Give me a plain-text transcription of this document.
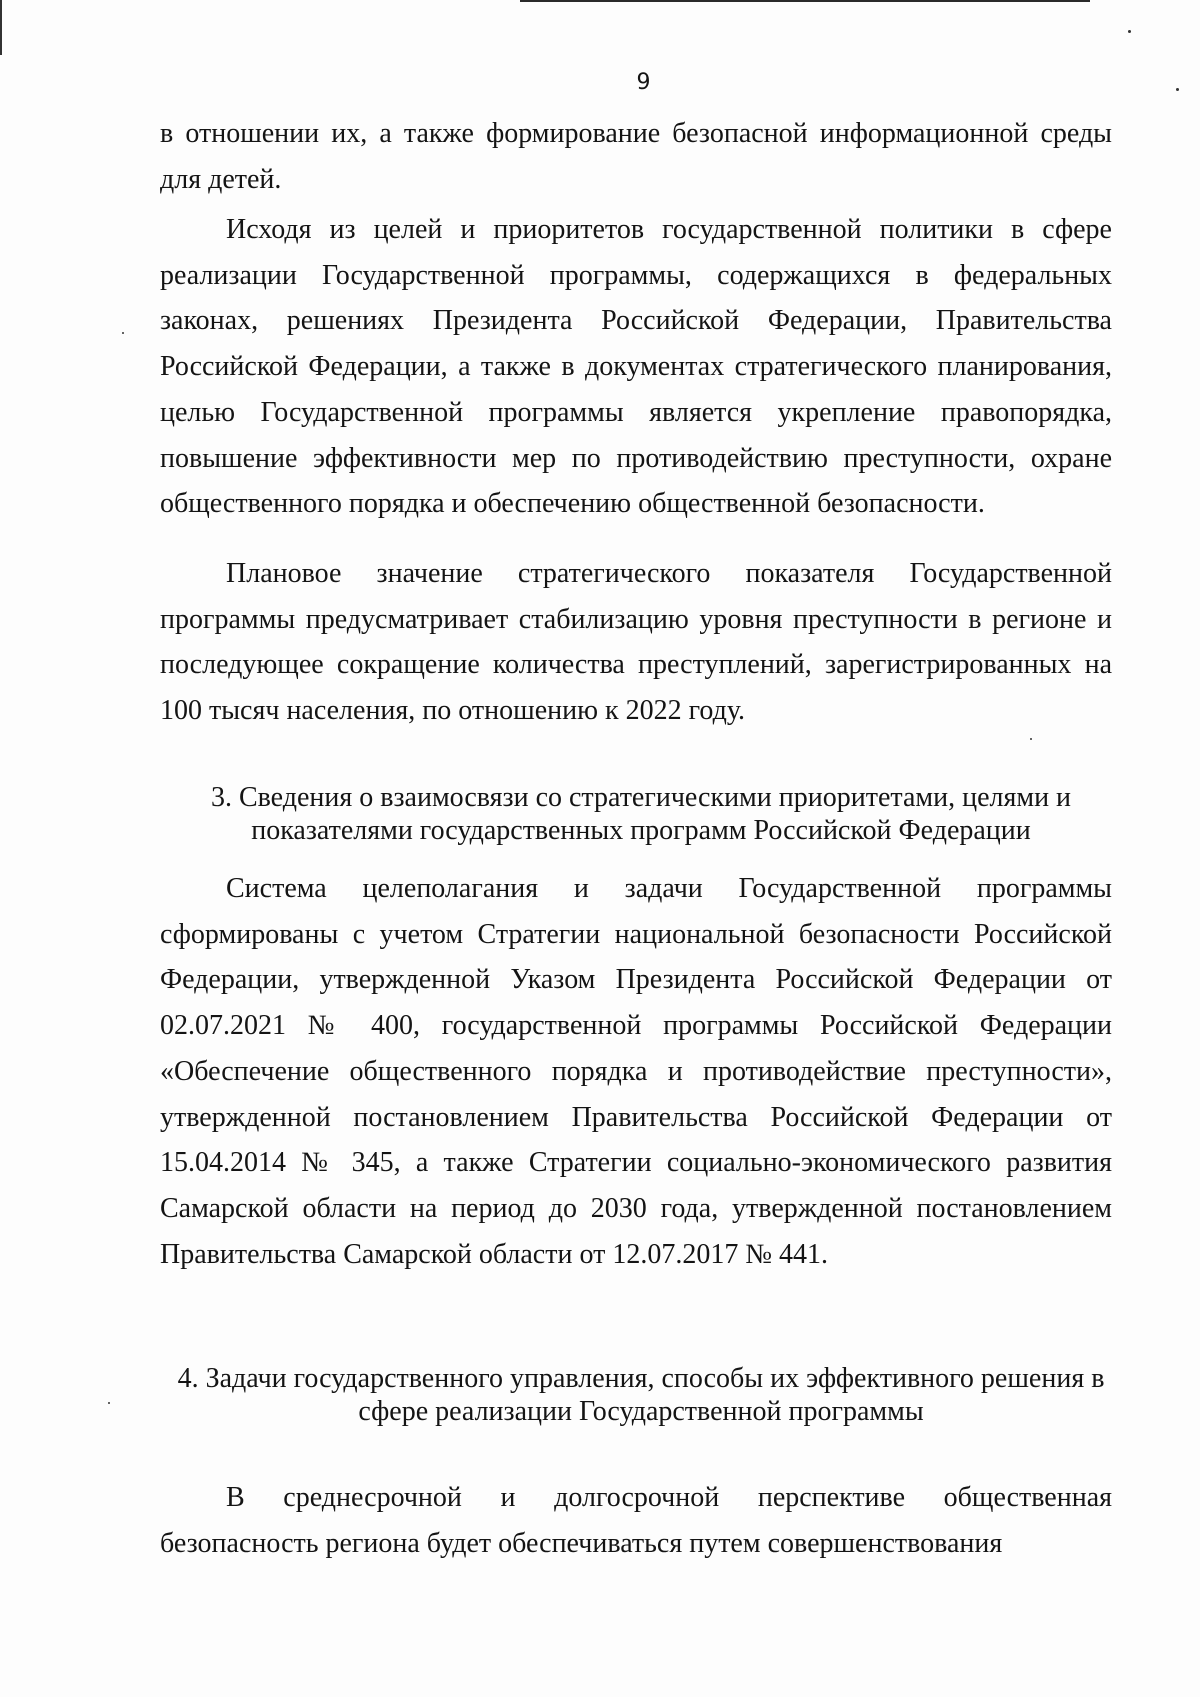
9

в отношении их, а также формирование безопасной информационной среды для детей.

Исходя из целей и приоритетов государственной политики в сфере реализации Государственной программы, содержащихся в федеральных законах, решениях Президента Российской Федерации, Правительства Российской Федерации, а также в документах стратегического планирования, целью Государственной программы является укрепление правопорядка, повышение эффективности мер по противодействию преступности, охране общественного порядка и обеспечению общественной безопасности.

Плановое значение стратегического показателя Государственной программы предусматривает стабилизацию уровня преступности в регионе и последующее сокращение количества преступлений, зарегистрированных на 100 тысяч населения, по отношению к 2022 году.

3. Сведения о взаимосвязи со стратегическими приоритетами, целями и
показателями государственных программ Российской Федерации

Система целеполагания и задачи Государственной программы сформированы с учетом Стратегии национальной безопасности Российской Федерации, утвержденной Указом Президента Российской Федерации от 02.07.2021 № 400, государственной программы Российской Федерации «Обеспечение общественного порядка и противодействие преступности», утвержденной постановлением Правительства Российской Федерации от 15.04.2014 № 345, а также Стратегии социально-экономического развития Самарской области на период до 2030 года, утвержденной постановлением Правительства Самарской области от 12.07.2017 № 441.

4. Задачи государственного управления, способы их эффективного решения в
сфере реализации Государственной программы

В среднесрочной и долгосрочной перспективе общественная безопасность региона будет обеспечиваться путем совершенствования
